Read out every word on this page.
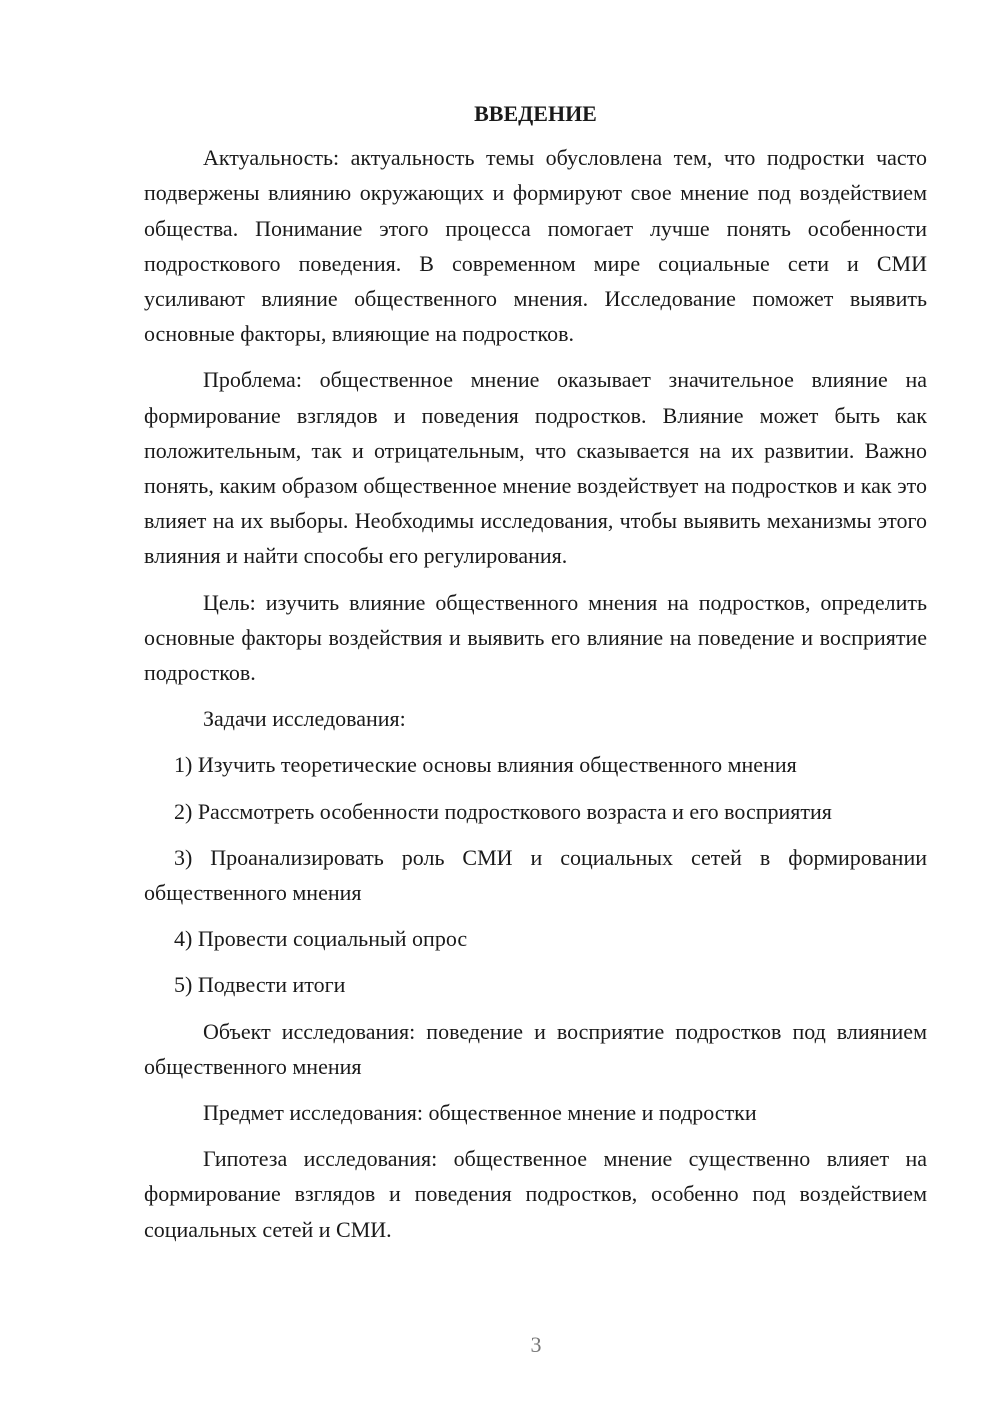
ВВЕДЕНИЕ

Актуальность: актуальность темы обусловлена тем, что подростки часто подвержены влиянию окружающих и формируют свое мнение под воздействием общества. Понимание этого процесса помогает лучше понять особенности подросткового поведения. В современном мире социальные сети и СМИ усиливают влияние общественного мнения. Исследование поможет выявить основные факторы, влияющие на подростков.

Проблема: общественное мнение оказывает значительное влияние на формирование взглядов и поведения подростков. Влияние может быть как положительным, так и отрицательным, что сказывается на их развитии. Важно понять, каким образом общественное мнение воздействует на подростков и как это влияет на их выборы. Необходимы исследования, чтобы выявить механизмы этого влияния и найти способы его регулирования.

Цель: изучить влияние общественного мнения на подростков, определить основные факторы воздействия и выявить его влияние на поведение и восприятие подростков.

Задачи исследования:

1) Изучить теоретические основы влияния общественного мнения

2) Рассмотреть особенности подросткового возраста и его восприятия

3) Проанализировать роль СМИ и социальных сетей в формировании общественного мнения

4) Провести социальный опрос

5) Подвести итоги

Объект исследования: поведение и восприятие подростков под влиянием общественного мнения

Предмет исследования: общественное мнение и подростки

Гипотеза исследования: общественное мнение существенно влияет на формирование взглядов и поведения подростков, особенно под воздействием социальных сетей и СМИ.

3
